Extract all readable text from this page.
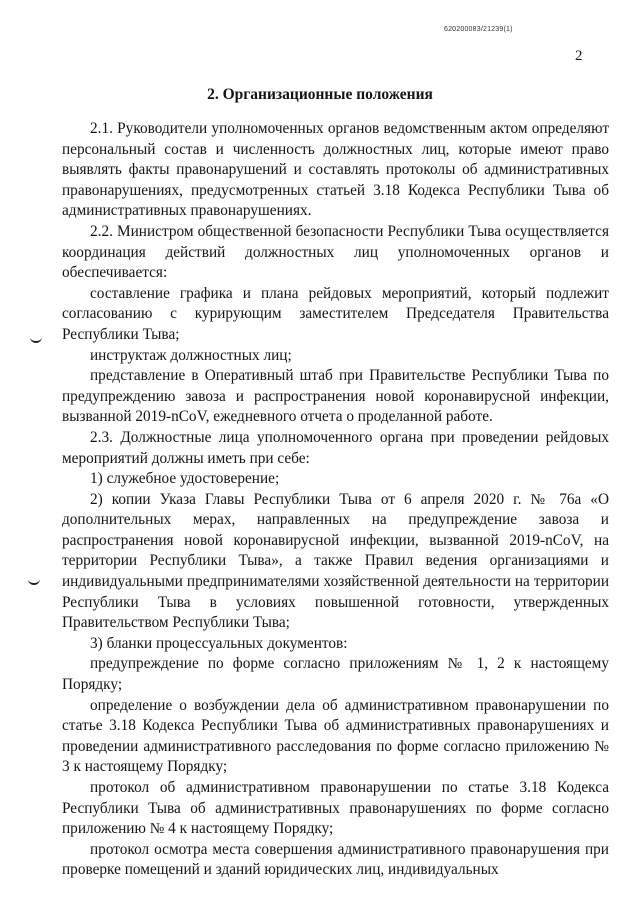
620200083/21239(1)
2
2. Организационные положения

2.1. Руководители уполномоченных органов ведомственным актом определяют персональный состав и численность должностных лиц, которые имеют право выявлять факты правонарушений и составлять протоколы об административных правонарушениях, предусмотренных статьей 3.18 Кодекса Республики Тыва об административных правонарушениях.

2.2. Министром общественной безопасности Республики Тыва осуществляется координация действий должностных лиц уполномоченных органов и обеспечивается:

составление графика и плана рейдовых мероприятий, который подлежит согласованию с курирующим заместителем Председателя Правительства Республики Тыва;

инструктаж должностных лиц;

представление в Оперативный штаб при Правительстве Республики Тыва по предупреждению завоза и распространения новой коронавирусной инфекции, вызванной 2019-nCoV, ежедневного отчета о проделанной работе.

2.3. Должностные лица уполномоченного органа при проведении рейдовых мероприятий должны иметь при себе:

1) служебное удостоверение;

2) копии Указа Главы Республики Тыва от 6 апреля 2020 г. № 76а «О дополнительных мерах, направленных на предупреждение завоза и распространения новой коронавирусной инфекции, вызванной 2019-nCoV, на территории Республики Тыва», а также Правил ведения организациями и индивидуальными предпринимателями хозяйственной деятельности на территории Республики Тыва в условиях повышенной готовности, утвержденных Правительством Республики Тыва;

3) бланки процессуальных документов:

предупреждение по форме согласно приложениям № 1, 2 к настоящему Порядку;

определение о возбуждении дела об административном правонарушении по статье 3.18 Кодекса Республики Тыва об административных правонарушениях и проведении административного расследования по форме согласно приложению № 3 к настоящему Порядку;

протокол об административном правонарушении по статье 3.18 Кодекса Республики Тыва об административных правонарушениях по форме согласно приложению № 4 к настоящему Порядку;

протокол осмотра места совершения административного правонарушения при проверке помещений и зданий юридических лиц, индивидуальных
